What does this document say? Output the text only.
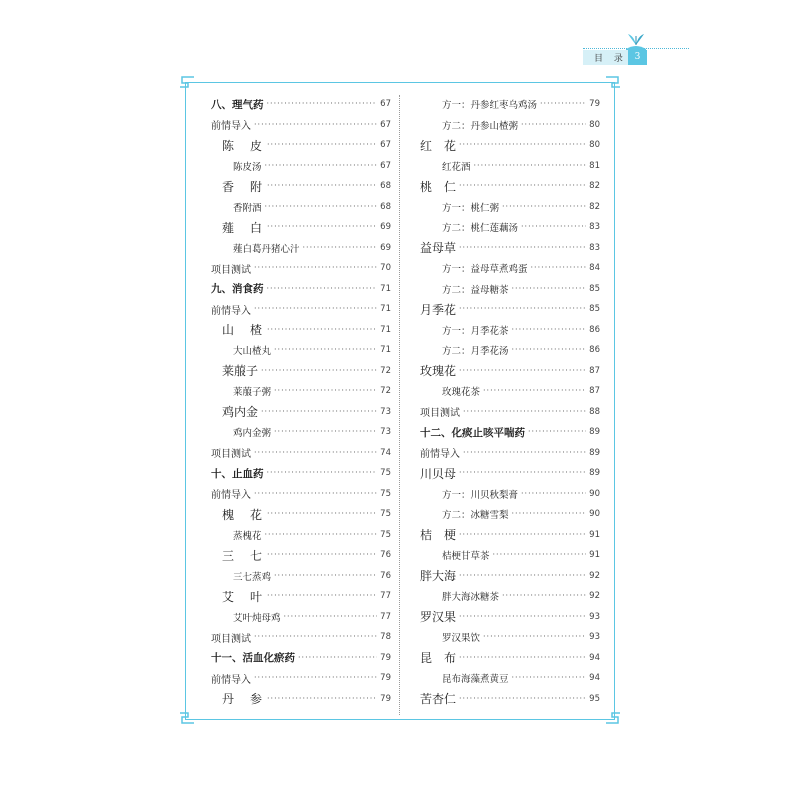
目 录 3
八、理气药 ·····	67
前情导入 ·····	67
陈　皮 ·····	67
陈皮汤 ·····	67
香　附 ·····	68
香附酒 ·····	68
薤　白 ·····	69
薤白葛丹猪心汁 ·····	69
项目测试 ·····	70
九、消食药 ·····	71
前情导入 ·····	71
山　楂 ·····	71
大山楂丸 ·····	71
莱菔子 ·····	72
莱菔子粥 ·····	72
鸡内金 ·····	73
鸡内金粥 ·····	73
项目测试 ·····	74
十、止血药 ·····	75
前情导入 ·····	75
槐　花 ·····	75
蒸槐花 ·····	75
三　七 ·····	76
三七蒸鸡 ·····	76
艾　叶 ·····	77
艾叶炖母鸡 ·····	77
项目测试 ·····	78
十一、活血化瘀药 ·····	79
前情导入 ·····	79
丹　参 ·····	79
方一：丹参红枣乌鸡汤 ·····	79
方二：丹参山楂粥 ·····	80
红　花 ·····	80
红花酒 ·····	81
桃　仁 ·····	82
方一：桃仁粥 ·····	82
方二：桃仁莲藕汤 ·····	83
益母草 ·····	83
方一：益母草煮鸡蛋 ·····	84
方二：益母糖茶 ·····	85
月季花 ·····	85
方一：月季花茶 ·····	86
方二：月季花汤 ·····	86
玫瑰花 ·····	87
玫瑰花茶 ·····	87
项目测试 ·····	88
十二、化痰止咳平喘药 ·····	89
前情导入 ·····	89
川贝母 ·····	89
方一：川贝秋梨膏 ·····	90
方二：冰糖雪梨 ·····	90
桔　梗 ·····	91
桔梗甘草茶 ·····	91
胖大海 ·····	92
胖大海冰糖茶 ·····	92
罗汉果 ·····	93
罗汉果饮 ·····	93
昆　布 ·····	94
昆布海藻煮黄豆 ·····	94
苦杏仁 ·····	95
